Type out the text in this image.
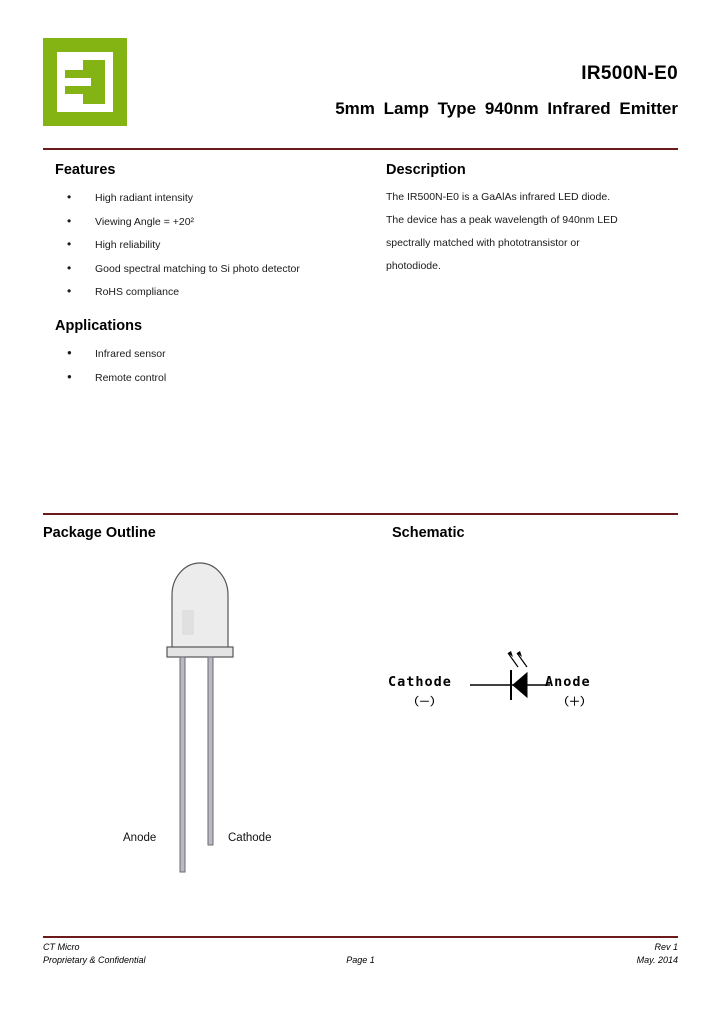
IR500N-E0
5mm Lamp Type 940nm Infrared Emitter
Features
• High radiant intensity
• Viewing Angle = +20²
• High reliability
• Good spectral matching to Si photo detector
• RoHS compliance
Applications
● Infrared sensor
● Remote control
Description

The IR500N-E0 is a GaAlAs infrared LED diode.

The device has a peak wavelength of 940nm LED

spectrally matched with phototransistor or

photodiode.

Package Outline	Schematic
Anode	Cathode
Cathode
（－）
Anode
（＋）
CT Micro
Proprietary & Confidential	Page 1
Rev 1
May. 2014
